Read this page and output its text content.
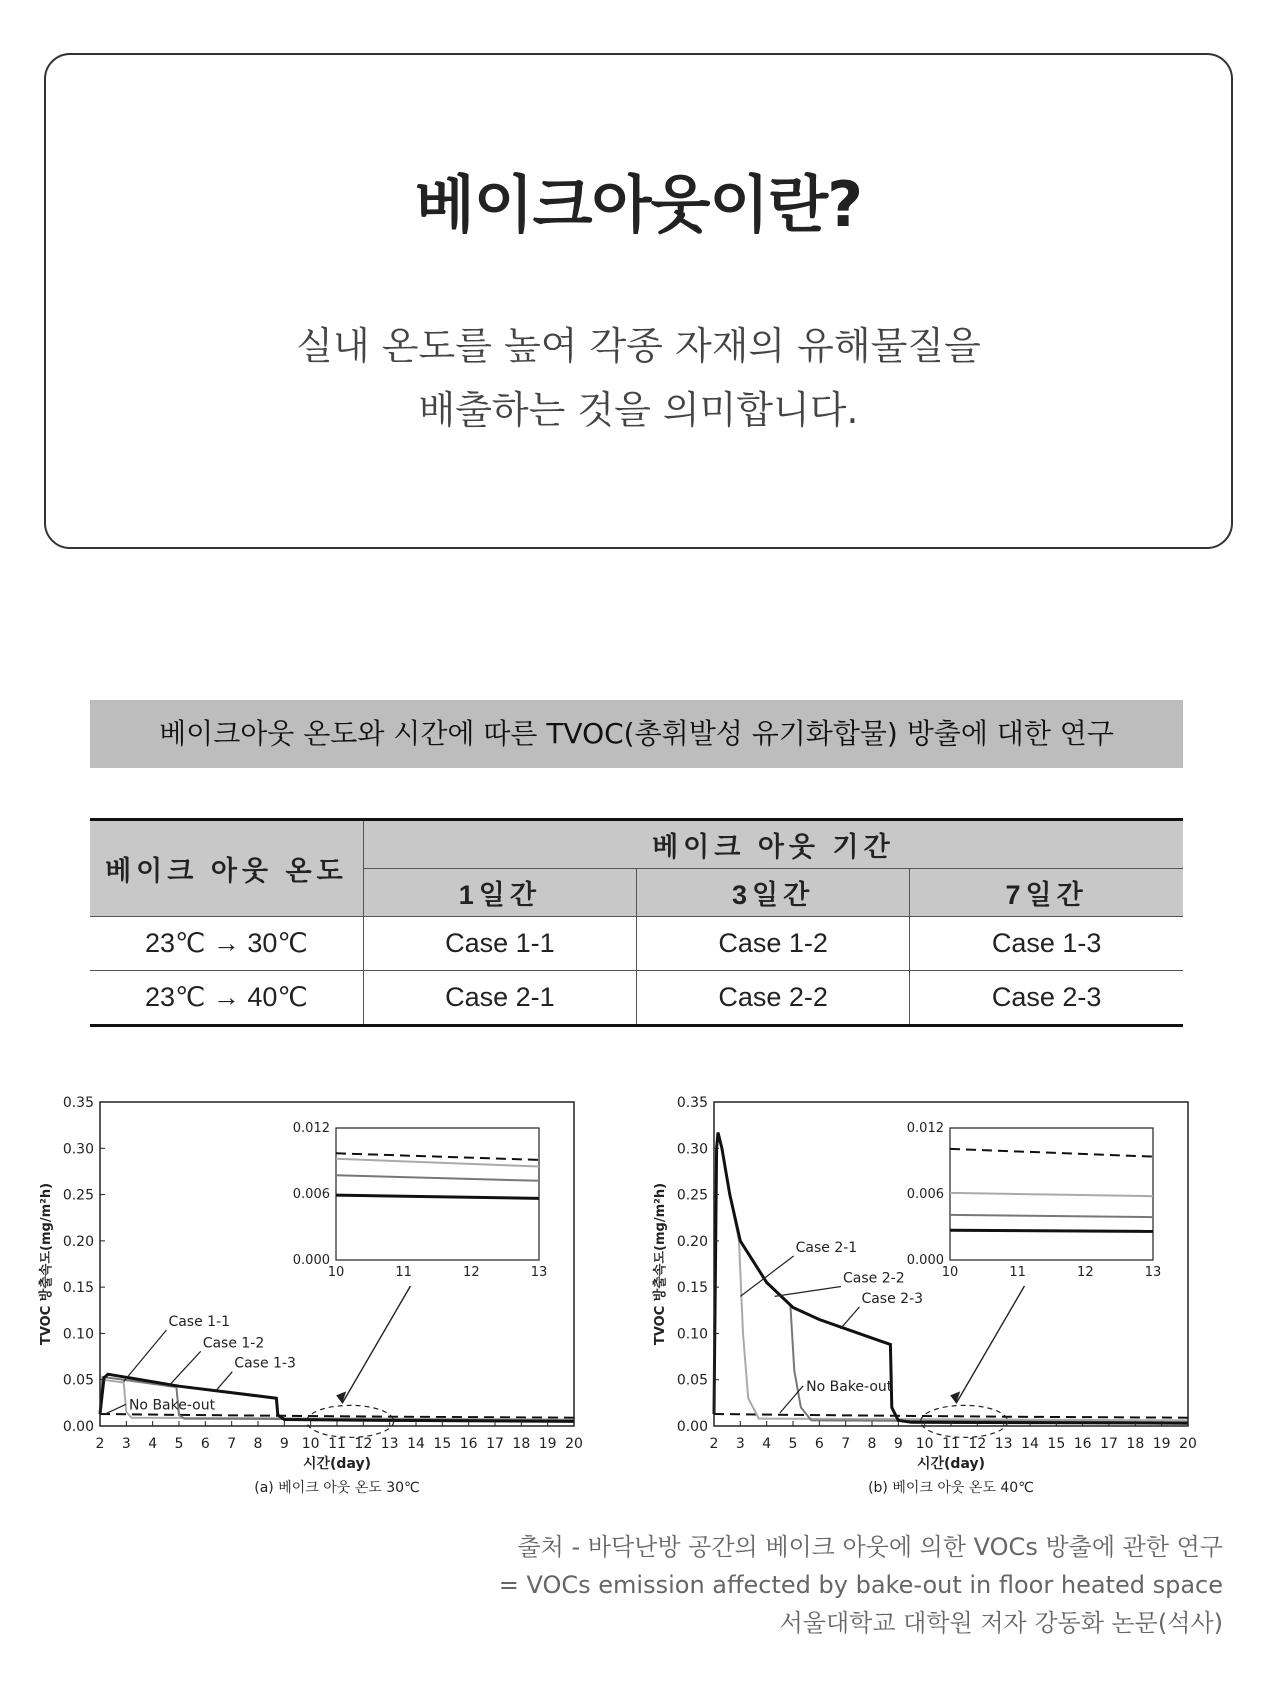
베이크아웃이란?
실내 온도를 높여 각종 자재의 유해물질을
배출하는 것을 의미합니다.
베이크아웃 온도와 시간에 따른 TVOC(총휘발성 유기화합물) 방출에 대한 연구
베이크 아웃 온도	베이크 아웃 기간		
	1일간	3일간	7일간
23℃ → 30℃	Case 1-1	Case 1-2	Case 1-3
23℃ → 40℃	Case 2-1	Case 2-2	Case 2-3
2 3 4 5 6 7 8 9 10 11 12 13 14 15 16 17 18 19 20
0.00
0.05
0.10
0.15
0.20
0.25
0.30
0.35
시간(day)
TVOC 방출속도(mg/m²h)
(a) 베이크 아웃 온도 30℃
10	11	12	13
0.000
0.006
0.012
Case 1-1
Case 1-2
Case 1-3
No Bake-out
2 3 4 5 6 7 8 9 10 11 12 13 14 15 16 17 18 19 20
0.00
0.05
0.10
0.15
0.20
0.25
0.30
0.35
시간(day)
TVOC 방출속도(mg/m²h)
(b) 베이크 아웃 온도 40℃
10	11	12	13
0.000
0.006
0.012
Case 2-1
Case 2-2
Case 2-3
No Bake-out
출처 - 바닥난방 공간의 베이크 아웃에 의한 VOCs 방출에 관한 연구
= VOCs emission affected by bake-out in floor heated space
서울대학교 대학원 저자 강동화 논문(석사)
